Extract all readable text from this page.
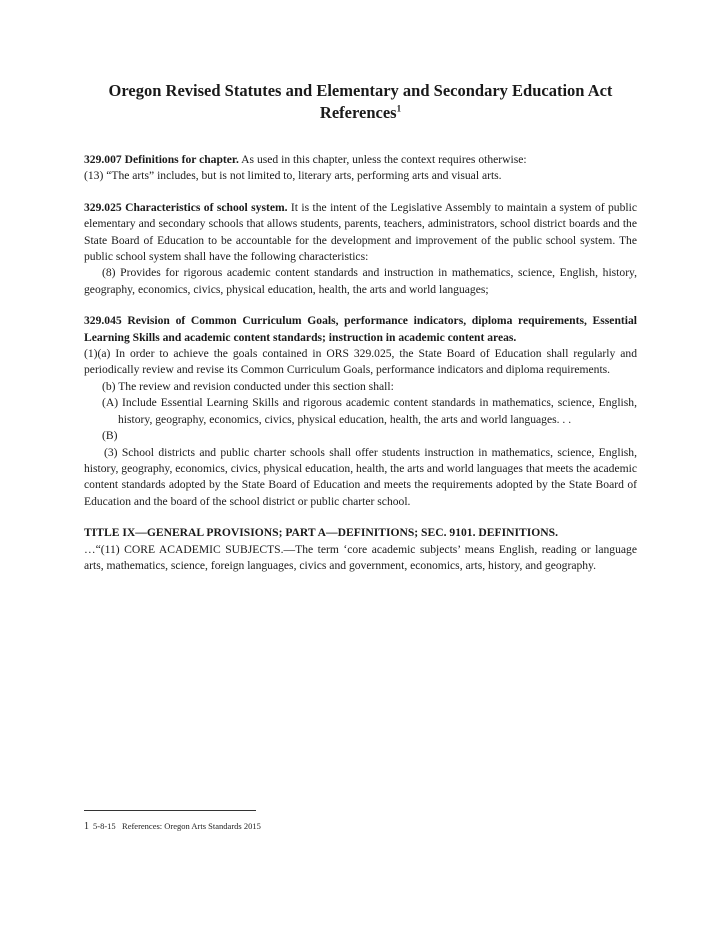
Oregon Revised Statutes and Elementary and Secondary Education Act References$^1$
329.007 Definitions for chapter. As used in this chapter, unless the context requires otherwise:
(13) “The arts” includes, but is not limited to, literary arts, performing arts and visual arts.
329.025 Characteristics of school system. It is the intent of the Legislative Assembly to maintain a system of public elementary and secondary schools that allows students, parents, teachers, administrators, school district boards and the State Board of Education to be accountable for the development and improvement of the public school system. The public school system shall have the following characteristics:
(8) Provides for rigorous academic content standards and instruction in mathematics, science, English, history, geography, economics, civics, physical education, health, the arts and world languages;
329.045 Revision of Common Curriculum Goals, performance indicators, diploma requirements, Essential Learning Skills and academic content standards; instruction in academic content areas.
(1)(a) In order to achieve the goals contained in ORS 329.025, the State Board of Education shall regularly and periodically review and revise its Common Curriculum Goals, performance indicators and diploma requirements.
(b) The review and revision conducted under this section shall:
(A) Include Essential Learning Skills and rigorous academic content standards in mathematics, science, English, history, geography, economics, civics, physical education, health, the arts and world languages. . .
(B)
(3) School districts and public charter schools shall offer students instruction in mathematics, science, English, history, geography, economics, civics, physical education, health, the arts and world languages that meets the academic content standards adopted by the State Board of Education and meets the requirements adopted by the State Board of Education and the board of the school district or public charter school.
TITLE IX—GENERAL PROVISIONS; PART A—DEFINITIONS; SEC. 9101. DEFINITIONS.
…“(11) CORE ACADEMIC SUBJECTS.—The term ‘core academic subjects’ means English, reading or language arts, mathematics, science, foreign languages, civics and government, economics, arts, history, and geography.
1 5-8-15   References: Oregon Arts Standards 2015
